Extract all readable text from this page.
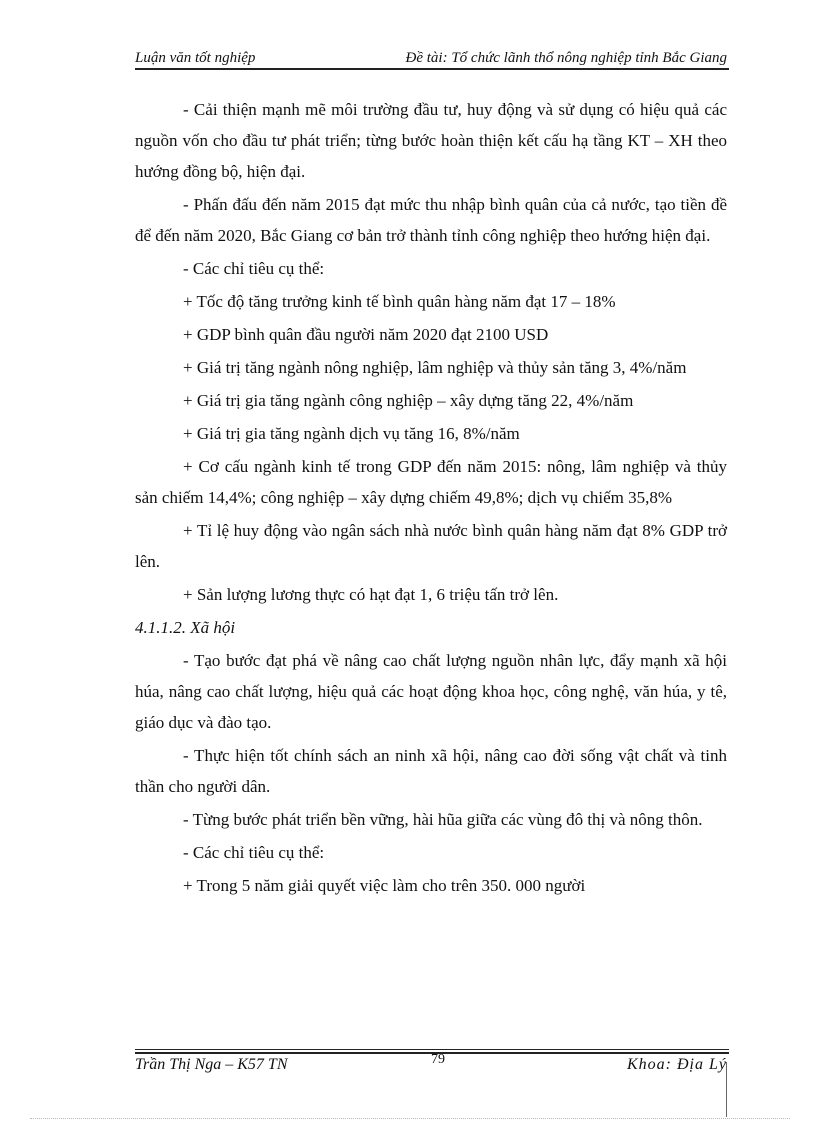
Luận văn tốt nghiệp	Đề tài: Tổ chức lãnh thổ nông nghiệp tỉnh Bắc Giang

- Cải thiện mạnh mẽ môi trường đầu tư, huy động và sử dụng có hiệu quả các nguồn vốn cho đầu tư phát triển; từng bước hoàn thiện kết cấu hạ tầng KT – XH theo hướng đồng bộ, hiện đại.

- Phấn đấu đến năm 2015 đạt mức thu nhập bình quân của cả nước, tạo tiền đề để đến năm 2020, Bắc Giang cơ bản trở thành tỉnh công nghiệp theo hướng hiện đại.

- Các chỉ tiêu cụ thể:

+ Tốc độ tăng trưởng kinh tế bình quân hàng năm đạt 17 – 18%

+ GDP bình quân đầu người năm 2020 đạt 2100 USD

+ Giá trị tăng ngành nông nghiệp, lâm nghiệp và thủy sản tăng 3, 4%/năm

+ Giá trị gia tăng ngành công nghiệp – xây dựng tăng 22, 4%/năm

+ Giá trị gia tăng ngành dịch vụ tăng 16, 8%/năm

+ Cơ cấu ngành kinh tế trong GDP đến năm 2015: nông, lâm nghiệp và thủy sản chiếm 14,4%; công nghiệp – xây dựng chiếm 49,8%; dịch vụ chiếm 35,8%

+ Tỉ lệ huy động vào ngân sách nhà nước bình quân hàng năm đạt 8% GDP trở lên.

+ Sản lượng lương thực có hạt đạt 1, 6 triệu tấn trở lên.

4.1.1.2. Xã hội

- Tạo bước đạt phá về nâng cao chất lượng nguồn nhân lực, đẩy mạnh xã hội húa, nâng cao chất lượng, hiệu quả các hoạt động khoa học, công nghệ, văn húa, y tê, giáo dục và đào tạo.

- Thực hiện tốt chính sách an ninh xã hội, nâng cao đời sống vật chất và tinh thần cho người dân.

- Từng bước phát triển bền vững, hài hũa giữa các vùng đô thị và nông thôn.

- Các chỉ tiêu cụ thể:

+ Trong 5 năm giải quyết việc làm cho trên 350. 000 người

Trần Thị Nga – K57 TN	79	Khoa: Địa Lý
